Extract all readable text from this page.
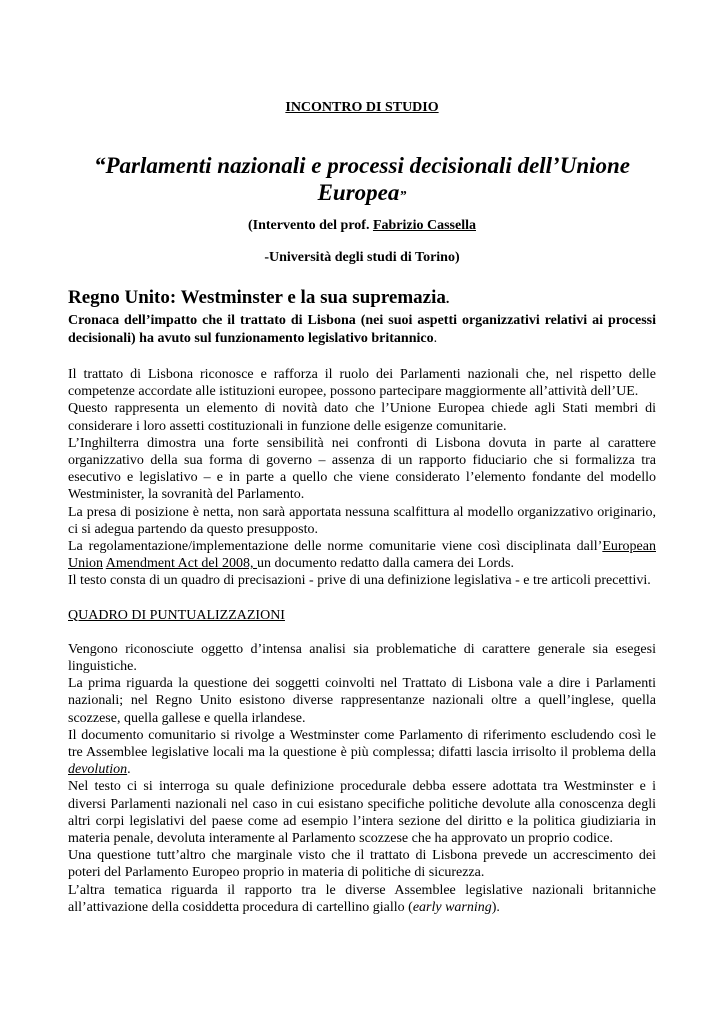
INCONTRO DI STUDIO
“Parlamenti nazionali e processi decisionali dell’Unione Europea”
(Intervento del prof. Fabrizio Cassella
-Università degli studi di Torino)
Regno Unito: Westminster e la sua supremazia.

Cronaca dell’impatto che il trattato di Lisbona (nei suoi aspetti organizzativi relativi ai processi decisionali) ha avuto sul funzionamento legislativo britannico.

Il trattato di Lisbona riconosce e rafforza il ruolo dei Parlamenti nazionali che, nel rispetto delle competenze accordate alle istituzioni europee, possono partecipare maggiormente all’attività dell’UE.

Questo rappresenta un elemento di novità dato che l’Unione Europea chiede agli Stati membri di considerare i loro assetti costituzionali in funzione delle esigenze comunitarie.

L’Inghilterra dimostra una forte sensibilità nei confronti di Lisbona dovuta in parte al carattere organizzativo della sua forma di governo – assenza di un rapporto fiduciario che si formalizza tra esecutivo e legislativo – e in parte a quello che viene considerato l’elemento fondante del modello Westminister, la sovranità del Parlamento.

La presa di posizione è netta, non sarà apportata nessuna scalfittura al modello organizzativo originario, ci si adegua partendo da questo presupposto.

La regolamentazione/implementazione delle norme comunitarie viene così disciplinata dall’European Union Amendment Act del 2008, un documento redatto dalla camera dei Lords.

Il testo consta di un quadro di precisazioni - prive di una definizione legislativa - e tre articoli precettivi.

QUADRO DI PUNTUALIZZAZIONI

Vengono riconosciute oggetto d’intensa analisi sia problematiche di carattere generale sia esegesi linguistiche.

La prima riguarda la questione dei soggetti coinvolti nel Trattato di Lisbona vale a dire i Parlamenti nazionali; nel Regno Unito esistono diverse rappresentanze nazionali oltre a quell’inglese, quella scozzese, quella gallese e quella irlandese.

Il documento comunitario si rivolge a Westminster come Parlamento di riferimento escludendo così le tre Assemblee legislative locali ma la questione è più complessa; difatti lascia irrisolto il problema della devolution.

Nel testo ci si interroga su quale definizione procedurale debba essere adottata tra Westminster e i diversi Parlamenti nazionali nel caso in cui esistano specifiche politiche devolute alla conoscenza degli altri corpi legislativi del paese come ad esempio l’intera sezione del diritto e la politica giudiziaria in materia penale, devoluta interamente al Parlamento scozzese che ha approvato un proprio codice.

Una questione tutt’altro che marginale visto che il trattato di Lisbona prevede un accrescimento dei poteri del Parlamento Europeo proprio in materia di politiche di sicurezza.

L’altra tematica riguarda il rapporto tra le diverse Assemblee legislative nazionali britanniche all’attivazione della cosiddetta procedura di cartellino giallo (early warning).
